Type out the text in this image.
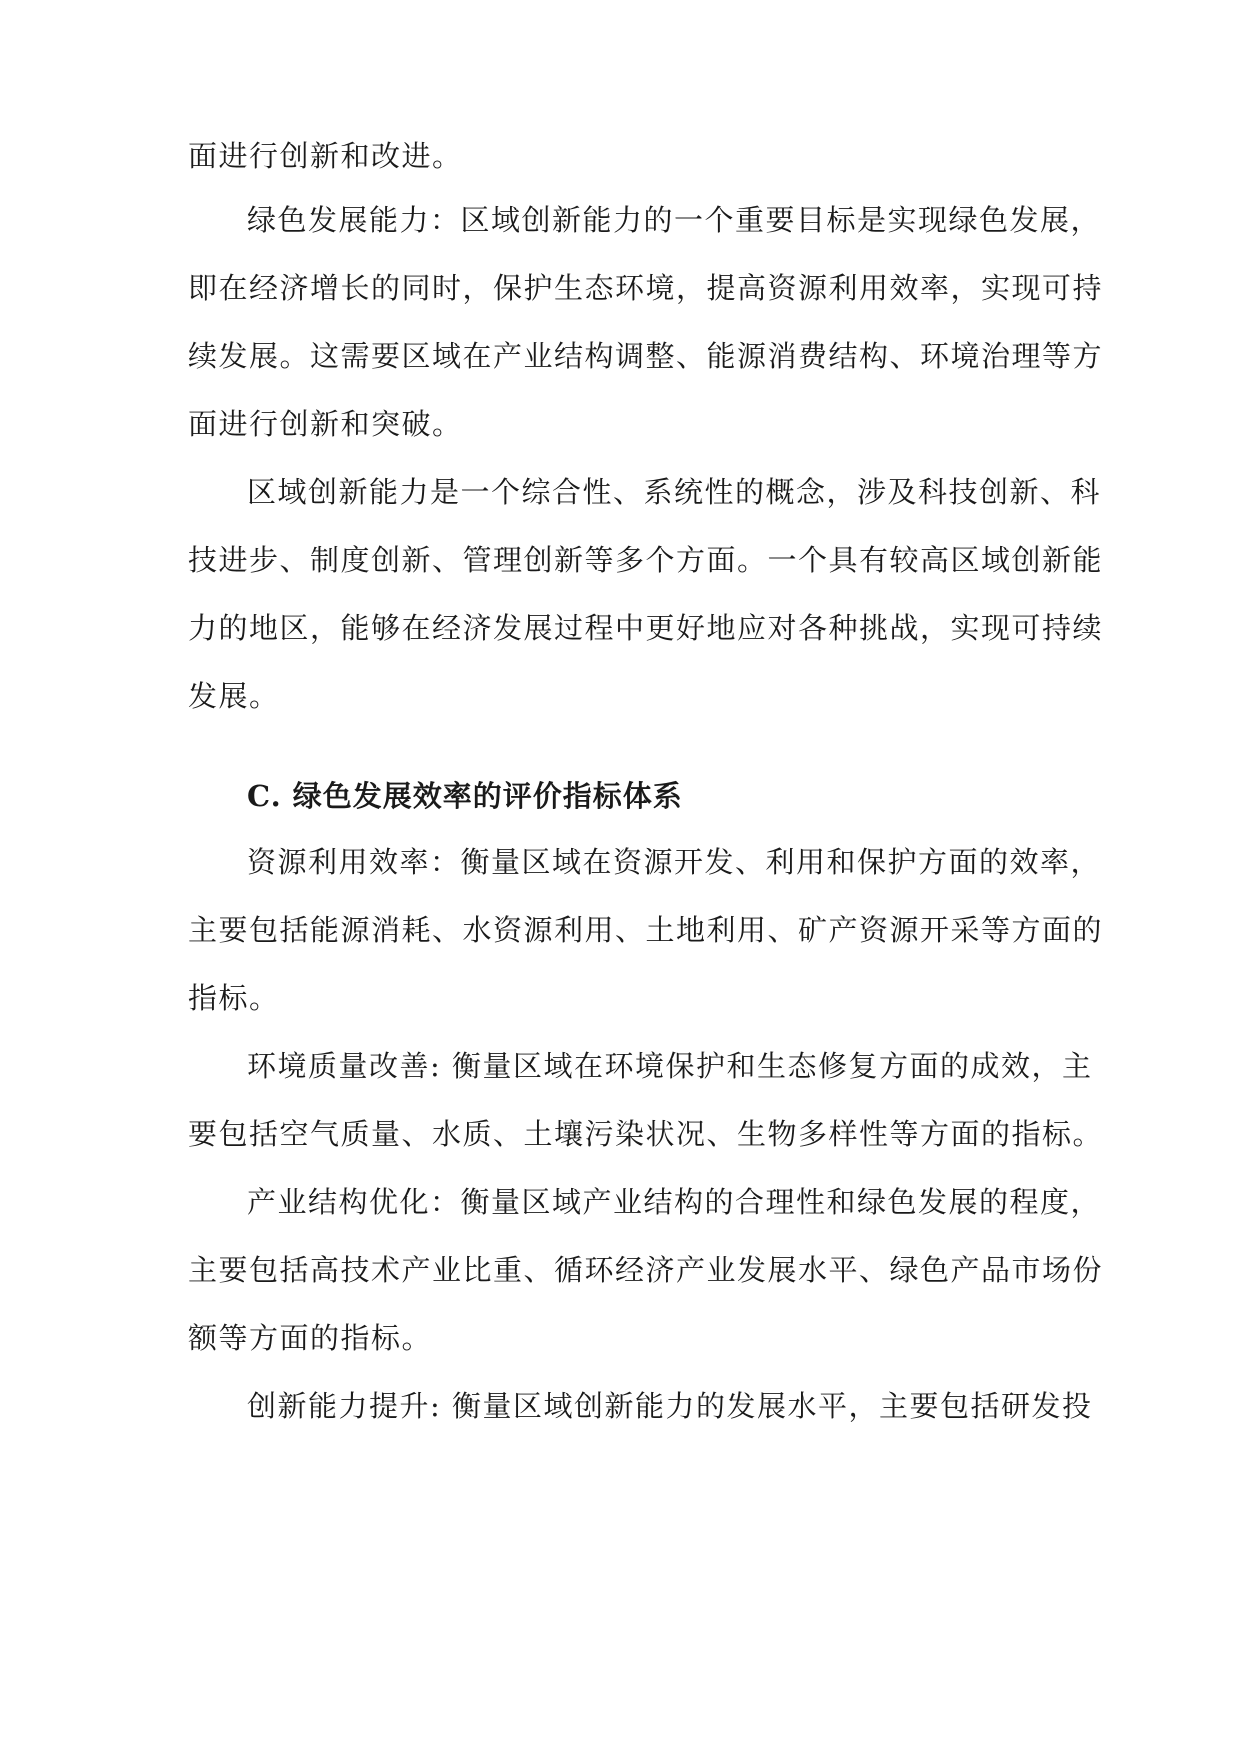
面进行创新和改进。
绿色发展能力：区域创新能力的一个重要目标是实现绿色发展，
即在经济增长的同时，保护生态环境，提高资源利用效率，实现可持
续发展。这需要区域在产业结构调整、能源消费结构、环境治理等方
面进行创新和突破。
区域创新能力是一个综合性、系统性的概念，涉及科技创新、科
技进步、制度创新、管理创新等多个方面。一个具有较高区域创新能
力的地区，能够在经济发展过程中更好地应对各种挑战，实现可持续
发展。
C. 绿色发展效率的评价指标体系
资源利用效率：衡量区域在资源开发、利用和保护方面的效率，
主要包括能源消耗、水资源利用、土地利用、矿产资源开采等方面的
指标。
环境质量改善: 衡量区域在环境保护和生态修复方面的成效，主
要包括空气质量、水质、土壤污染状况、生物多样性等方面的指标。
产业结构优化：衡量区域产业结构的合理性和绿色发展的程度，
主要包括高技术产业比重、循环经济产业发展水平、绿色产品市场份
额等方面的指标。
创新能力提升: 衡量区域创新能力的发展水平，主要包括研发投
